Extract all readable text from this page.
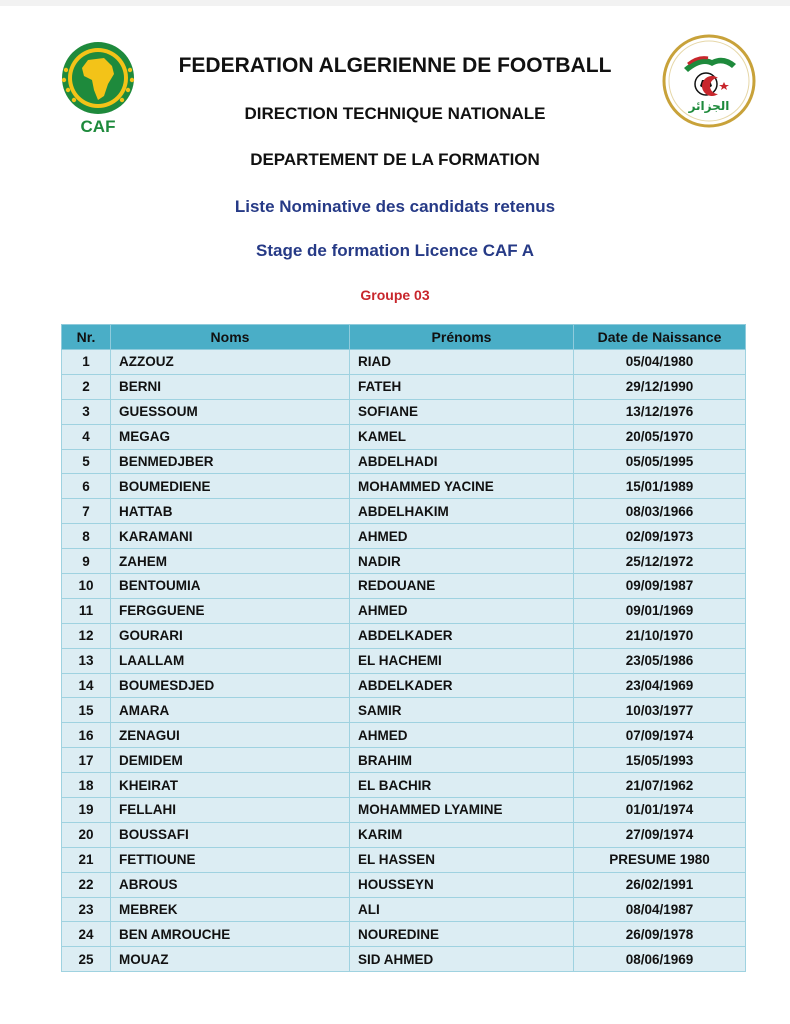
CAF
الجزائر
FEDERATION ALGERIENNE DE FOOTBALL
DIRECTION TECHNIQUE NATIONALE
DEPARTEMENT DE LA FORMATION
Liste Nominative des candidats retenus
Stage de formation Licence CAF A
Groupe 03
Nr.	Noms	Prénoms	Date de Naissance
1	AZZOUZ	RIAD	05/04/1980
2	BERNI	FATEH	29/12/1990
3	GUESSOUM	SOFIANE	13/12/1976
4	MEGAG	KAMEL	20/05/1970
5	BENMEDJBER	ABDELHADI	05/05/1995
6	BOUMEDIENE	MOHAMMED YACINE	15/01/1989
7	HATTAB	ABDELHAKIM	08/03/1966
8	KARAMANI	AHMED	02/09/1973
9	ZAHEM	NADIR	25/12/1972
10	BENTOUMIA	REDOUANE	09/09/1987
11	FERGGUENE	AHMED	09/01/1969
12	GOURARI	ABDELKADER	21/10/1970
13	LAALLAM	EL HACHEMI	23/05/1986
14	BOUMESDJED	ABDELKADER	23/04/1969
15	AMARA	SAMIR	10/03/1977
16	ZENAGUI	AHMED	07/09/1974
17	DEMIDEM	BRAHIM	15/05/1993
18	KHEIRAT	EL BACHIR	21/07/1962
19	FELLAHI	MOHAMMED LYAMINE	01/01/1974
20	BOUSSAFI	KARIM	27/09/1974
21	FETTIOUNE	EL HASSEN	PRESUME 1980
22	ABROUS	HOUSSEYN	26/02/1991
23	MEBREK	ALI	08/04/1987
24	BEN AMROUCHE	NOUREDINE	26/09/1978
25	MOUAZ	SID AHMED	08/06/1969
